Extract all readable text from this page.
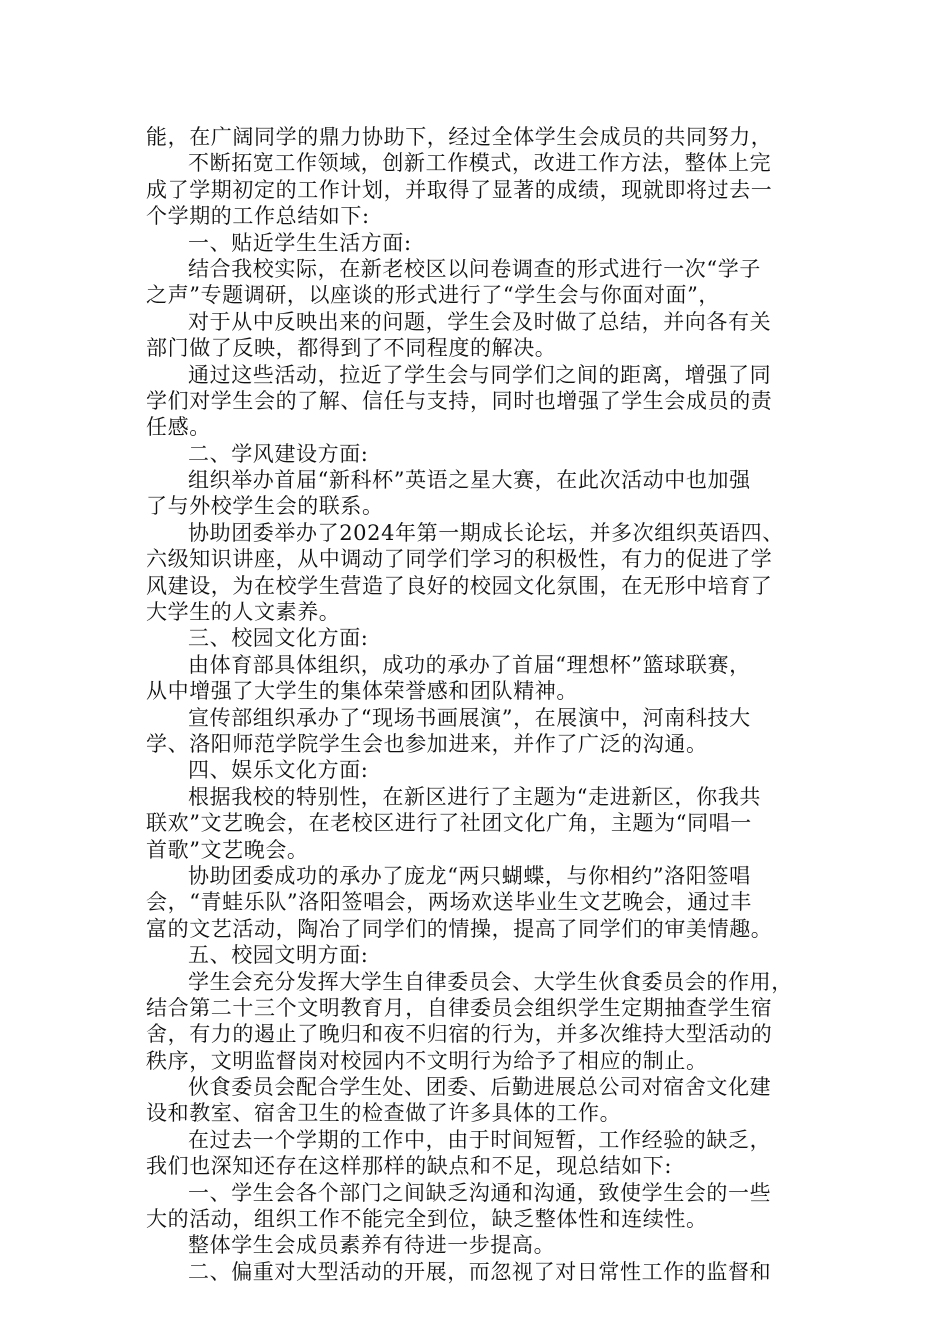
能，在广阔同学的鼎力协助下，经过全体学生会成员的共同努力，
不断拓宽工作领域，创新工作模式，改进工作方法，整体上完
成了学期初定的工作计划，并取得了显著的成绩，现就即将过去一
个学期的工作总结如下:
一、贴近学生生活方面:
结合我校实际，在新老校区以问卷调查的形式进行一次“学子
之声”专题调研，以座谈的形式进行了“学生会与你面对面”，
对于从中反映出来的问题，学生会及时做了总结，并向各有关
部门做了反映，都得到了不同程度的解决。
通过这些活动，拉近了学生会与同学们之间的距离，增强了同
学们对学生会的了解、信任与支持，同时也增强了学生会成员的责
任感。
二、学风建设方面:
组织举办首届“新科杯”英语之星大赛，在此次活动中也加强
了与外校学生会的联系。
协助团委举办了2024年第一期成长论坛，并多次组织英语四、
六级知识讲座，从中调动了同学们学习的积极性，有力的促进了学
风建设，为在校学生营造了良好的校园文化氛围，在无形中培育了
大学生的人文素养。
三、校园文化方面:
由体育部具体组织，成功的承办了首届“理想杯”篮球联赛，
从中增强了大学生的集体荣誉感和团队精神。
宣传部组织承办了“现场书画展演”，在展演中，河南科技大
学、洛阳师范学院学生会也参加进来，并作了广泛的沟通。
四、娱乐文化方面:
根据我校的特别性，在新区进行了主题为“走进新区，你我共
联欢”文艺晚会，在老校区进行了社团文化广角，主题为“同唱一
首歌”文艺晚会。
协助团委成功的承办了庞龙“两只蝴蝶，与你相约”洛阳签唱
会，“青蛙乐队”洛阳签唱会，两场欢送毕业生文艺晚会，通过丰
富的文艺活动，陶冶了同学们的情操，提高了同学们的审美情趣。
五、校园文明方面:
学生会充分发挥大学生自律委员会、大学生伙食委员会的作用，
结合第二十三个文明教育月，自律委员会组织学生定期抽查学生宿
舍，有力的遏止了晚归和夜不归宿的行为，并多次维持大型活动的
秩序，文明监督岗对校园内不文明行为给予了相应的制止。
伙食委员会配合学生处、团委、后勤进展总公司对宿舍文化建
设和教室、宿舍卫生的检查做了许多具体的工作。
在过去一个学期的工作中，由于时间短暂，工作经验的缺乏，
我们也深知还存在这样那样的缺点和不足，现总结如下:
一、学生会各个部门之间缺乏沟通和沟通，致使学生会的一些
大的活动，组织工作不能完全到位，缺乏整体性和连续性。
整体学生会成员素养有待进一步提高。
二、偏重对大型活动的开展，而忽视了对日常性工作的监督和
